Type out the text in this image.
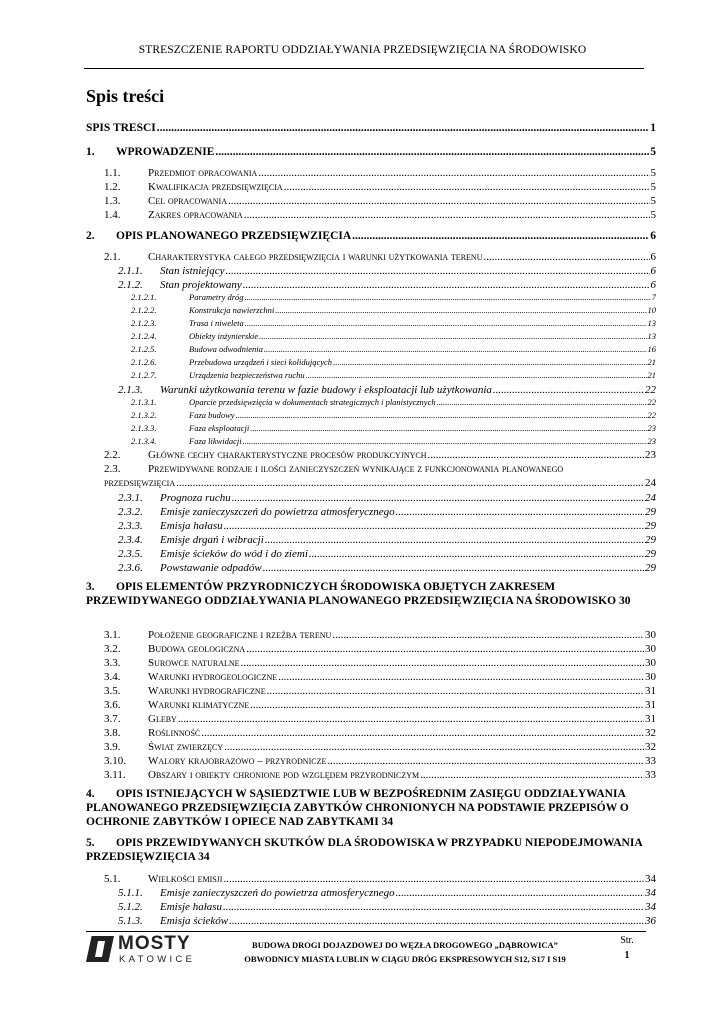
STRESZCZENIE RAPORTU ODDZIAŁYWANIA PRZEDSIĘWZIĘCIA NA ŚRODOWISKO
Spis treści
SPIS TREŚCI .....	1
1.	WPROWADZENIE .....	5
1.1.	Przedmiot opracowania .....	5
1.2.	Kwalifikacja przedsięwzięcia .....	5
1.3.	Cel opracowania .....	5
1.4.	Zakres opracowania .....	5
2.	OPIS PLANOWANEGO PRZEDSIĘWZIĘCIA .....	6
2.1.	Charakterystyka całego przedsięwzięcia i warunki użytkowania terenu .....	6
2.1.1.	Stan istniejący .....	6
2.1.2.	Stan projektowany .....	6
2.1.2.1.	Parametry dróg .....	7
2.1.2.2.	Konstrukcja nawierzchni .....	10
2.1.2.3.	Trasa i niweleta .....	13
2.1.2.4.	Obiekty inżynierskie .....	13
2.1.2.5.	Budowa odwodnienia .....	16
2.1.2.6.	Przebudowa urządzeń i sieci kolidujących .....	21
2.1.2.7.	Urządzenia bezpieczeństwa ruchu .....	21
2.1.3.	Warunki użytkowania terenu w fazie budowy i eksploatacji lub użytkowania .....	22
2.1.3.1.	Oparcie przedsięwzięcia w dokumentach strategicznych i planistycznych .....	22
2.1.3.2.	Faza budowy .....	22
2.1.3.3.	Faza eksploatacji .....	23
2.1.3.4.	Faza likwidacji .....	23
2.2.	Główne cechy charakterystyczne procesów produkcyjnych .....	23
2.3.	Przewidywane rodzaje i ilości zanieczyszczeń wynikające z funkcjonowania planowanego
przedsięwzięcia .....	24
2.3.1.	Prognoza ruchu .....	24
2.3.2.	Emisje zanieczyszczeń do powietrza atmosferycznego .....	29
2.3.3.	Emisja hałasu .....	29
2.3.4.	Emisje drgań i wibracji .....	29
2.3.5.	Emisje ścieków do wód i do ziemi .....	29
2.3.6.	Powstawanie odpadów .....	29
3. OPIS ELEMENTÓW PRZYRODNICZYCH ŚRODOWISKA OBJĘTYCH ZAKRESEM PRZEWIDYWANEGO ODDZIAŁYWANIA PLANOWANEGO PRZEDSIĘWZIĘCIA NA ŚRODOWISKO 30
3.1.	Położenie geograficzne i rzeźba terenu .....	30
3.2.	Budowa geologiczna .....	30
3.3.	Surowce naturalne .....	30
3.4.	Warunki hydrogeologiczne .....	30
3.5.	Warunki hydrograficzne .....	31
3.6.	Warunki klimatyczne .....	31
3.7.	Gleby .....	31
3.8.	Roślinność .....	32
3.9.	Świat zwierzęcy .....	32
3.10.	Walory krajobrazowo – przyrodnicze .....	33
3.11.	Obszary i obiekty chronione pod względem przyrodniczym .....	33
4. OPIS ISTNIEJĄCYCH W SĄSIEDZTWIE LUB W BEZPOŚREDNIM ZASIĘGU ODDZIAŁYWANIA PLANOWANEGO PRZEDSIĘWZIĘCIA ZABYTKÓW CHRONIONYCH NA PODSTAWIE PRZEPISÓW O OCHRONIE ZABYTKÓW I OPIECE NAD ZABYTKAMI 34
5. OPIS PRZEWIDYWANYCH SKUTKÓW DLA ŚRODOWISKA W PRZYPADKU NIEPODEJMOWANIA PRZEDSIĘWZIĘCIA 34
5.1.	Wielkości emisji .....	34
5.1.1.	Emisje zanieczyszczeń do powietrza atmosferycznego .....	34
5.1.2.	Emisje hałasu .....	34
5.1.3.	Emisja ścieków .....	36
MOSTY
KATOWICE
BUDOWA DROGI DOJAZDOWEJ DO WĘZŁA DROGOWEGO „DĄBROWICA”
OBWODNICY MIASTA LUBLIN W CIĄGU DRÓG EKSPRESOWYCH S12, S17 I S19
Str.
1
